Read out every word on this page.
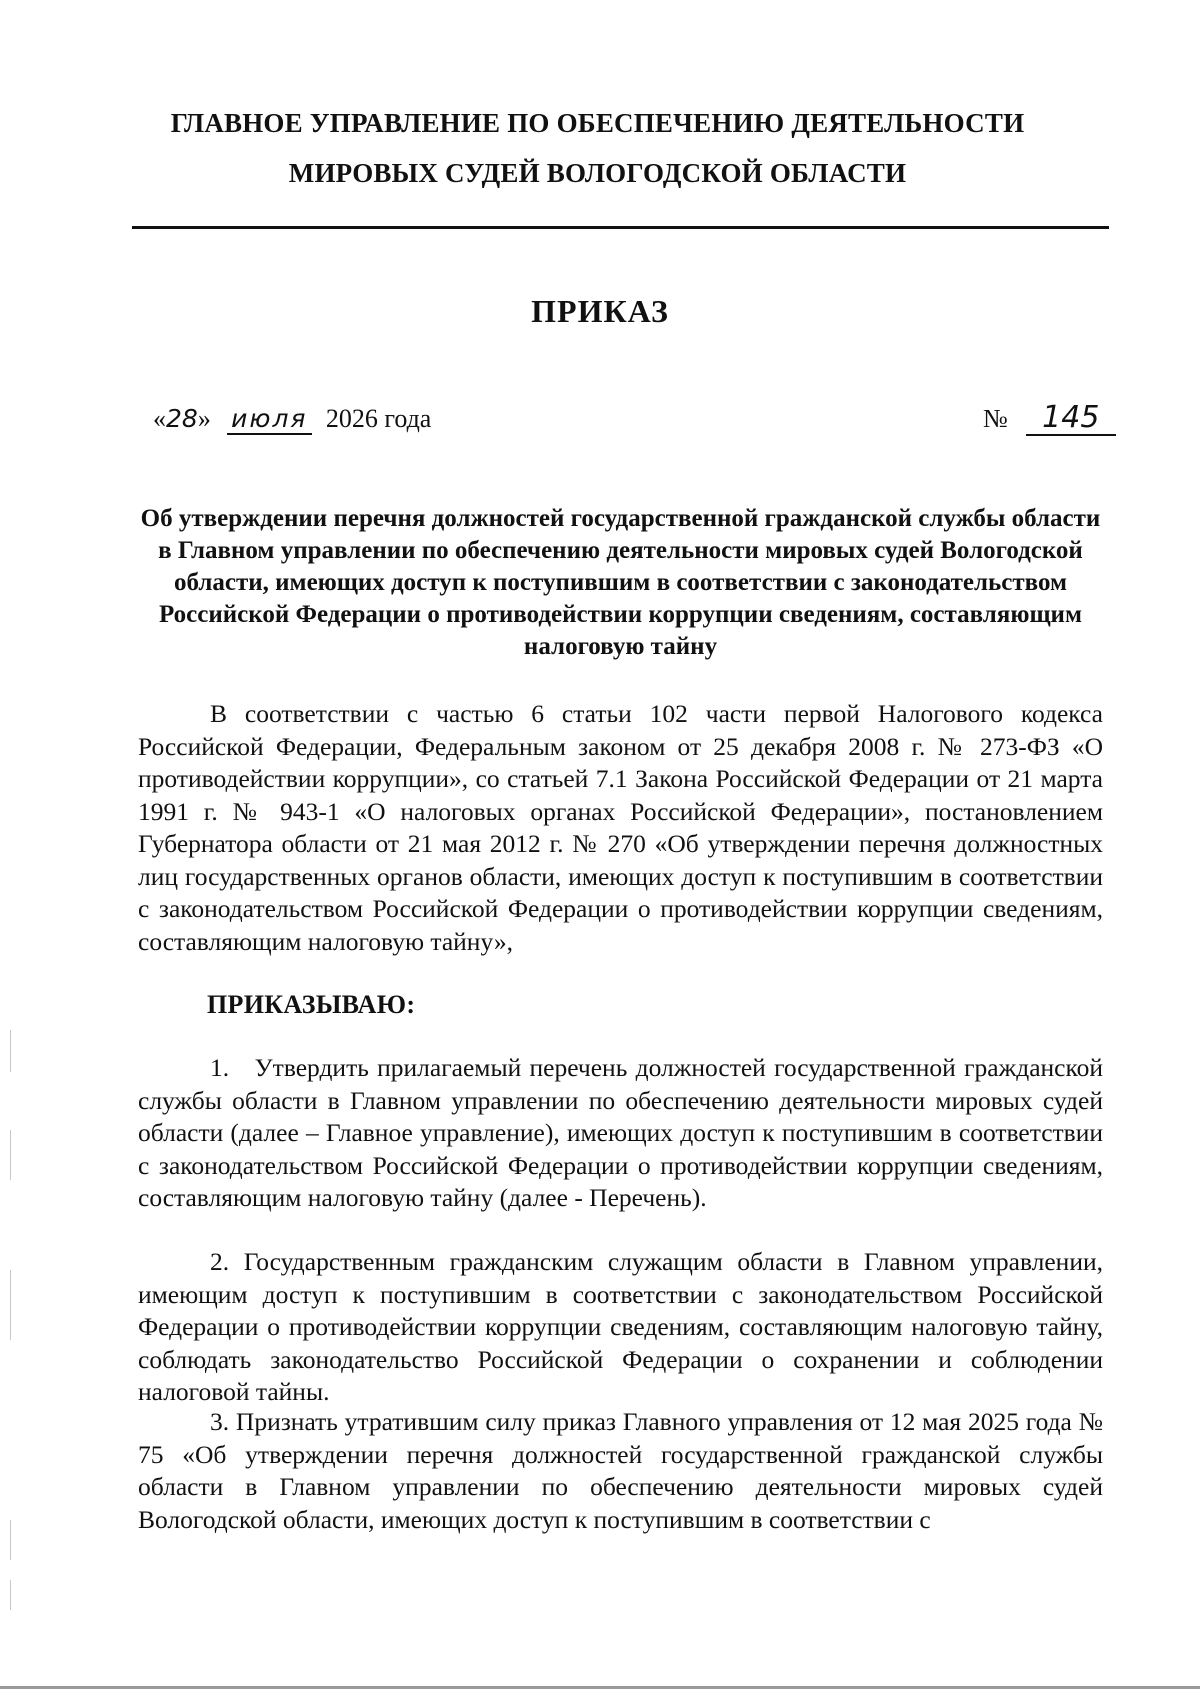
ГЛАВНОЕ УПРАВЛЕНИЕ ПО ОБЕСПЕЧЕНИЮ ДЕЯТЕЛЬНОСТИ
МИРОВЫХ СУДЕЙ ВОЛОГОДСКОЙ ОБЛАСТИ
ПРИКАЗ
«28» июля 2026 года	№ 145
Об утверждении перечня должностей государственной гражданской службы области в Главном управлении по обеспечению деятельности мировых судей Вологодской области, имеющих доступ к поступившим в соответствии с законодательством Российской Федерации о противодействии коррупции сведениям, составляющим налоговую тайну

В соответствии с частью 6 статьи 102 части первой Налогового кодекса Российской Федерации, Федеральным законом от 25 декабря 2008 г. № 273-ФЗ «О противодействии коррупции», со статьей 7.1 Закона Российской Федерации от 21 марта 1991 г. № 943-1 «О налоговых органах Российской Федерации», постановлением Губернатора области от 21 мая 2012 г. № 270 «Об утверждении перечня должностных лиц государственных органов области, имеющих доступ к поступившим в соответствии с законодательством Российской Федерации о противодействии коррупции сведениям, составляющим налоговую тайну»,

ПРИКАЗЫВАЮ:

1. Утвердить прилагаемый перечень должностей государственной гражданской службы области в Главном управлении по обеспечению деятельности мировых судей области (далее – Главное управление), имеющих доступ к поступившим в соответствии с законодательством Российской Федерации о противодействии коррупции сведениям, составляющим налоговую тайну (далее - Перечень).

2. Государственным гражданским служащим области в Главном управлении, имеющим доступ к поступившим в соответствии с законодательством Российской Федерации о противодействии коррупции сведениям, составляющим налоговую тайну, соблюдать законодательство Российской Федерации о сохранении и соблюдении налоговой тайны.

3. Признать утратившим силу приказ Главного управления от 12 мая 2025 года № 75 «Об утверждении перечня должностей государственной гражданской службы области в Главном управлении по обеспечению деятельности мировых судей Вологодской области, имеющих доступ к поступившим в соответствии с
